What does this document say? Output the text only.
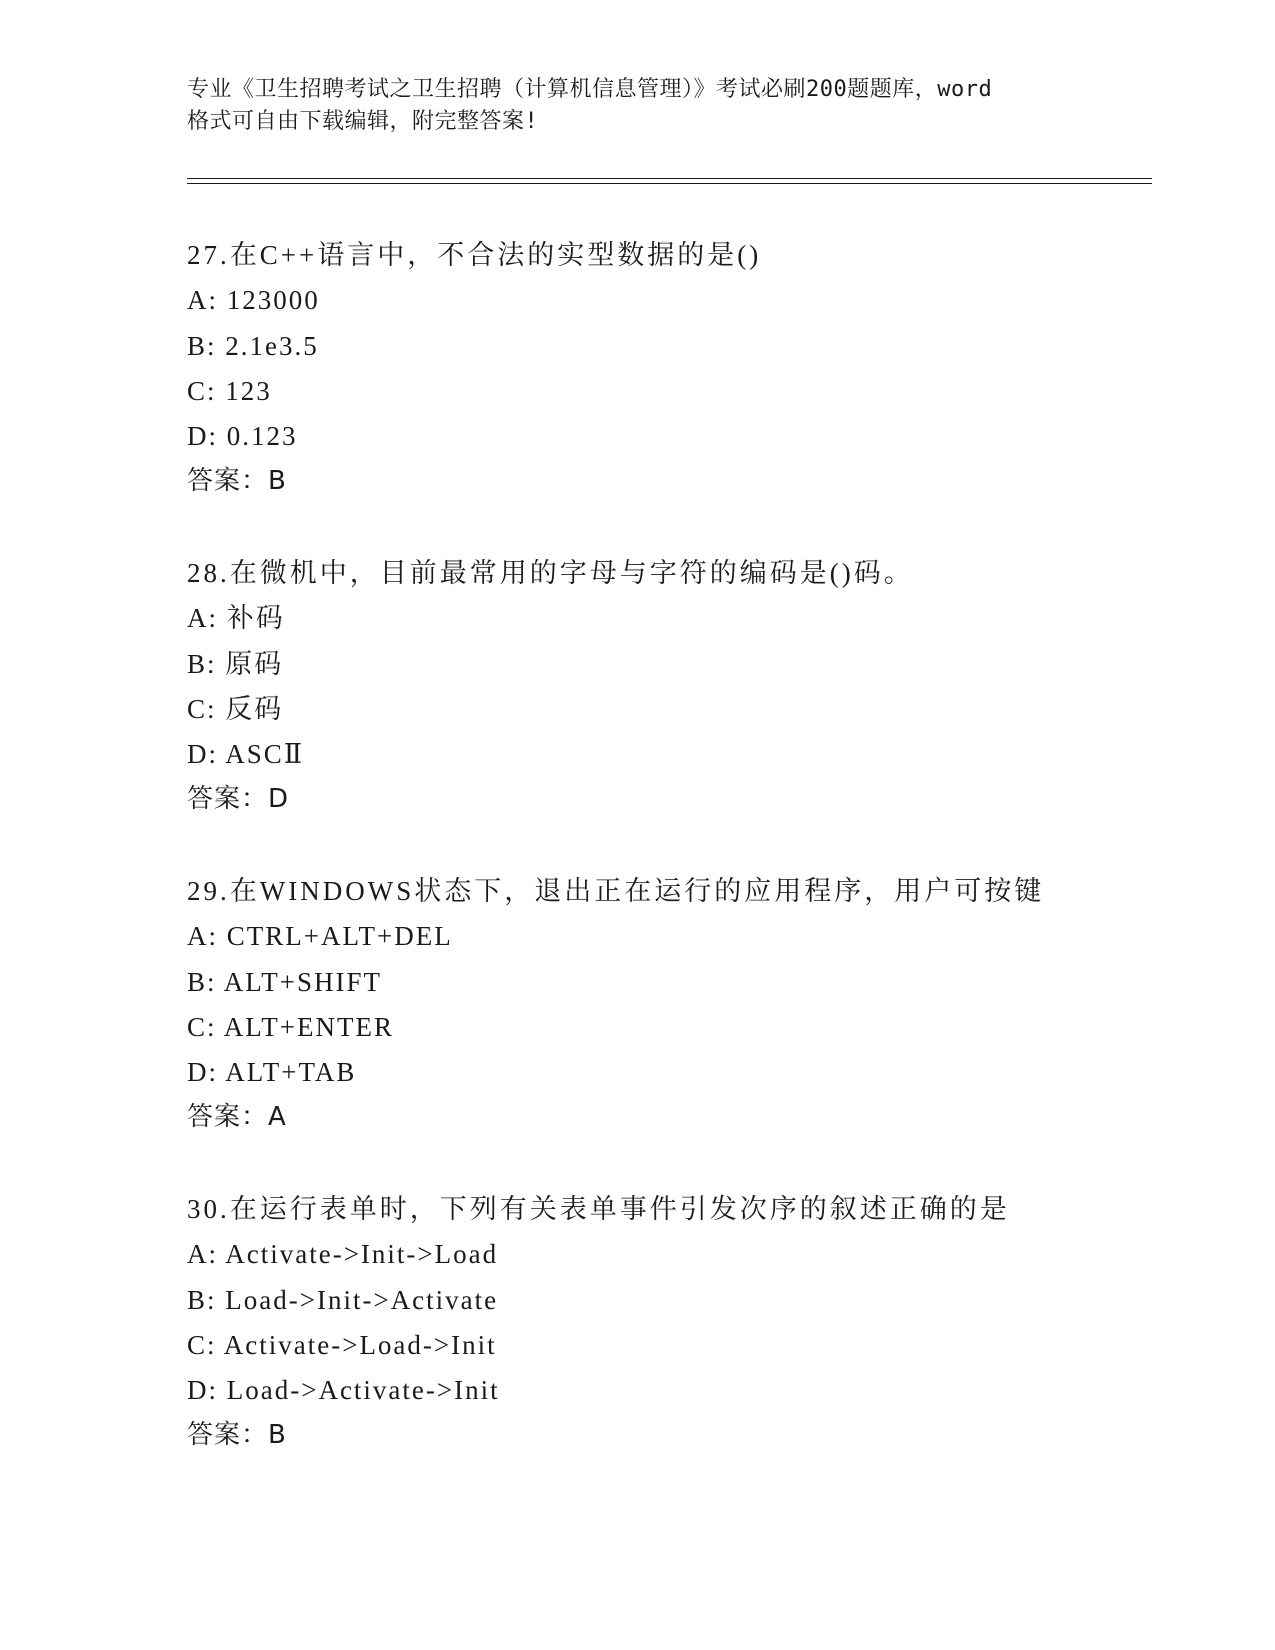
专业《卫生招聘考试之卫生招聘（计算机信息管理）》考试必刷200题题库，word
格式可自由下载编辑，附完整答案!
27.在C++语言中，不合法的实型数据的是()
A: 123000
B: 2.1e3.5
C: 123
D: 0.123
答案：B
28.在微机中，目前最常用的字母与字符的编码是()码。
A: 补码
B: 原码
C: 反码
D: ASCⅡ
答案：D
29.在WINDOWS状态下，退出正在运行的应用程序，用户可按键
A: CTRL+ALT+DEL
B: ALT+SHIFT
C: ALT+ENTER
D: ALT+TAB
答案：A
30.在运行表单时，下列有关表单事件引发次序的叙述正确的是
A: Activate->Init->Load
B: Load->Init->Activate
C: Activate->Load->Init
D: Load->Activate->Init
答案：B
